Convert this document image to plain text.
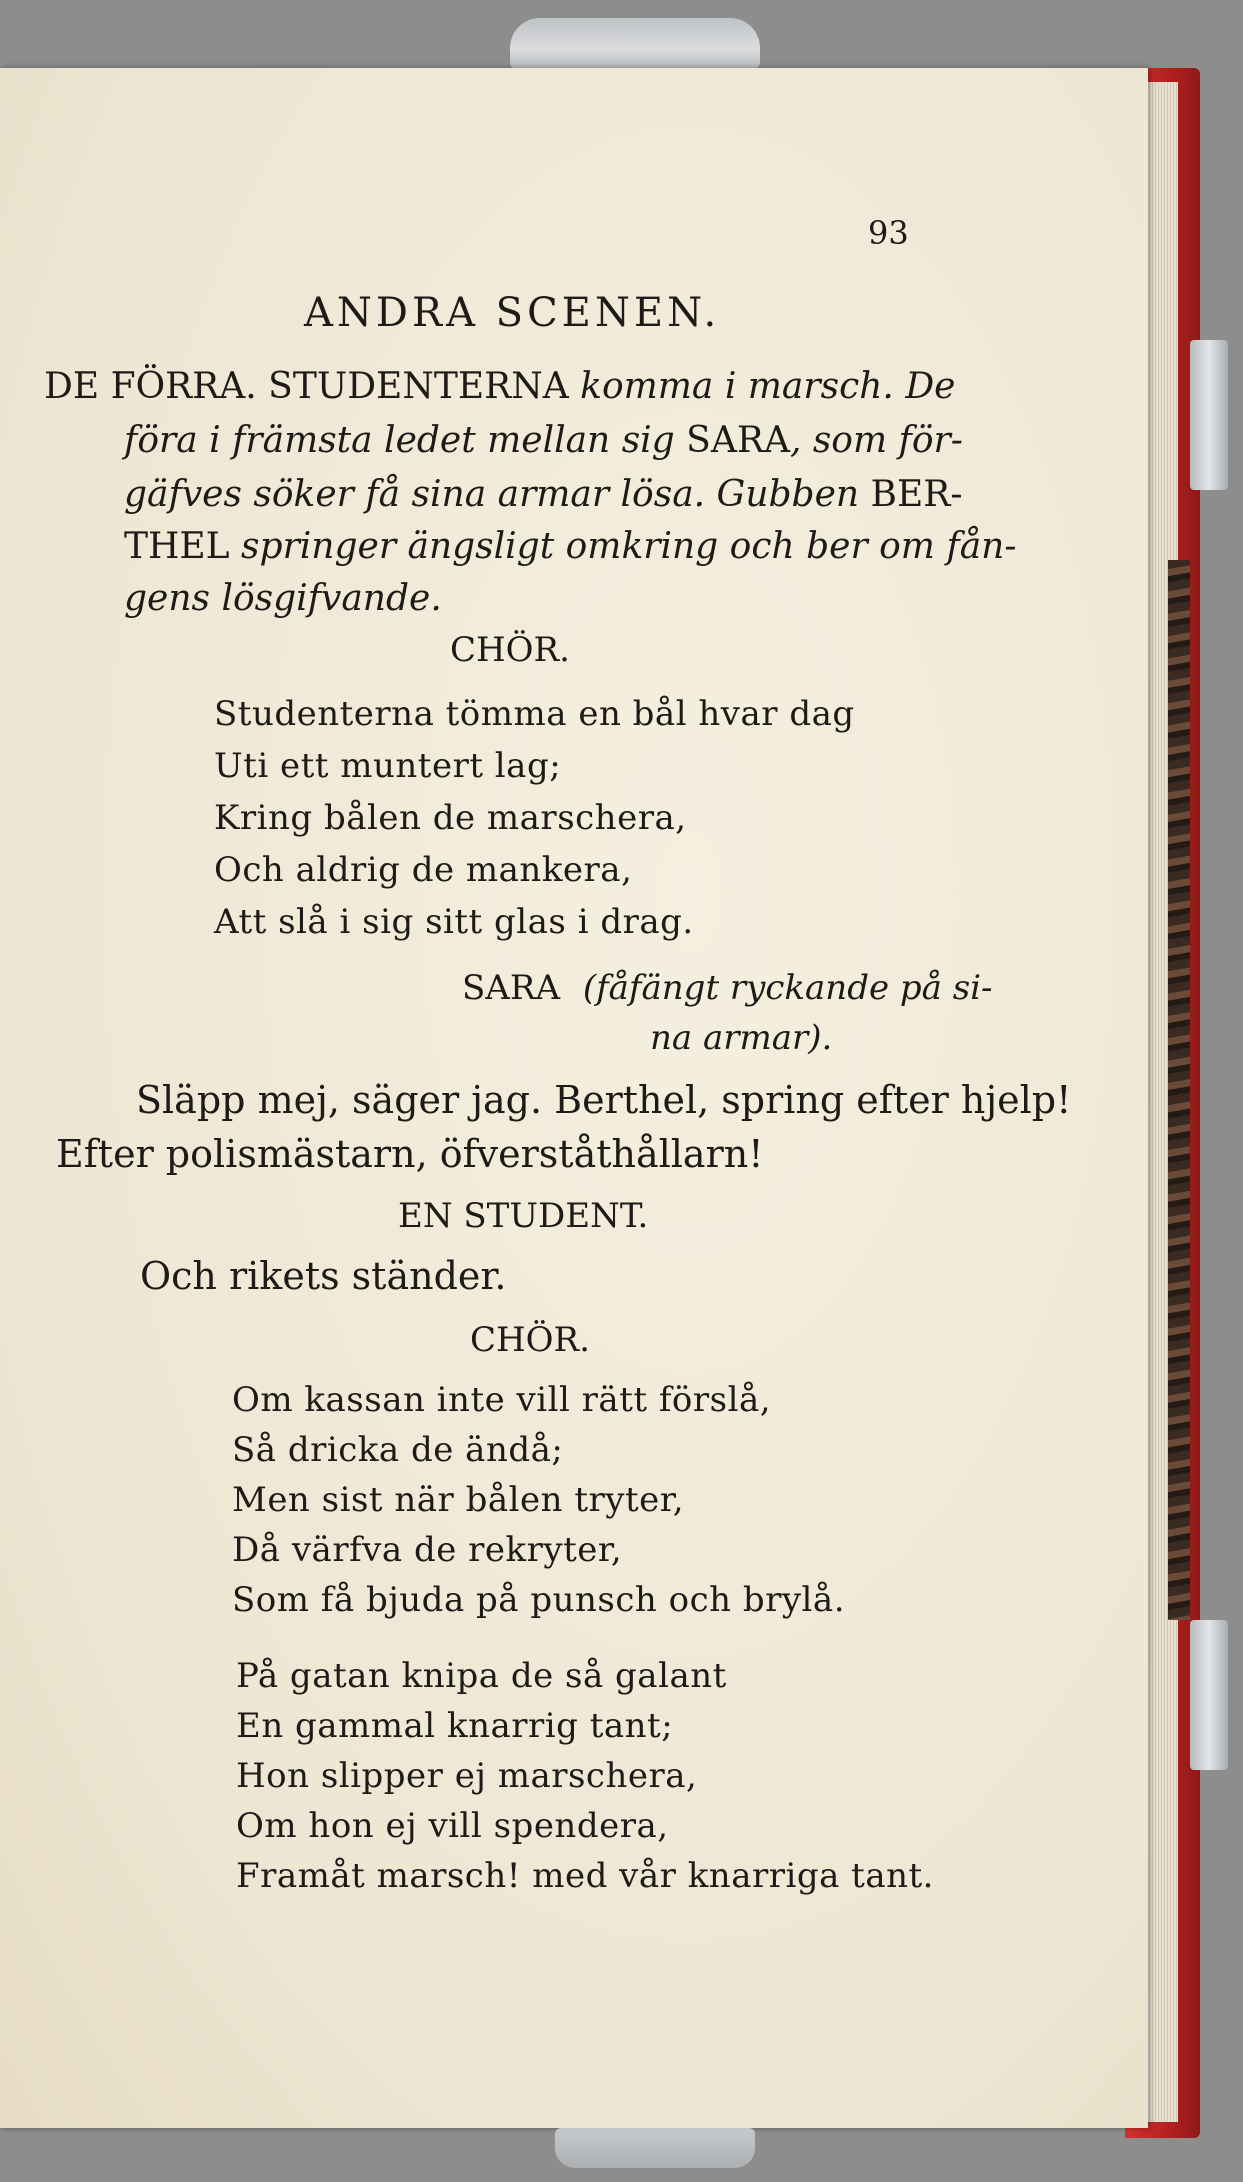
93
ANDRA SCENEN.
DE FÖRRA. STUDENTERNA komma i marsch. De
föra i främsta ledet mellan sig SARA, som för-
gäfves söker få sina armar lösa. Gubben BER-
THEL springer ängsligt omkring och ber om fån-
gens lösgifvande.
CHÖR.
Studenterna tömma en bål hvar dag
Uti ett muntert lag;
Kring bålen de marschera,
Och aldrig de mankera,
Att slå i sig sitt glas i drag.
SARA (fåfängt ryckande på si-
na armar).
Släpp mej, säger jag. Berthel, spring efter hjelp!
Efter polismästarn, öfverståthållarn!
EN STUDENT.
Och rikets ständer.
CHÖR.
Om kassan inte vill rätt förslå,
Så dricka de ändå;
Men sist när bålen tryter,
Då värfva de rekryter,
Som få bjuda på punsch och brylå.
På gatan knipa de så galant
En gammal knarrig tant;
Hon slipper ej marschera,
Om hon ej vill spendera,
Framåt marsch! med vår knarriga tant.
